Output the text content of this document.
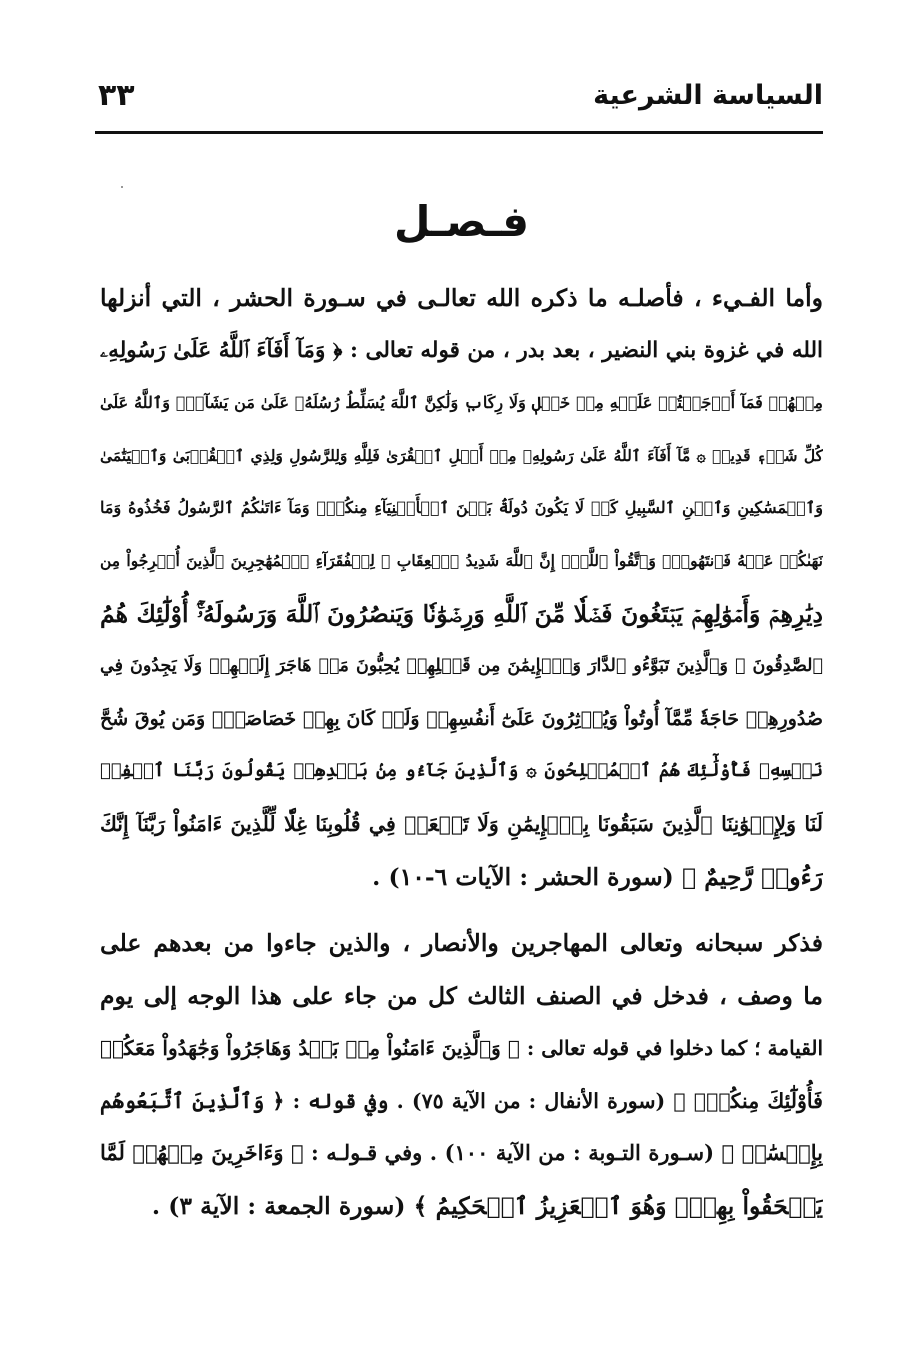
السياسة الشرعية
٣٣
فـصـل
وأما الفـيء ، فأصلـه ما ذكره الله تعالـى في سـورة الحشر ، التي أنزلها
الله في غزوة بني النضير ، بعد بدر ، من قوله تعالى : ﴿ وَمَآ أَفَآءَ ٱللَّهُ عَلَىٰ رَسُولِهِۦ
مِنۡهُمۡ فَمَآ أَوۡجَفۡتُمۡ عَلَيۡهِ مِنۡ خَيۡلٖ وَلَا رِكَابٖ وَلَٰكِنَّ ٱللَّهَ يُسَلِّطُ رُسُلَهُۥ عَلَىٰ مَن يَشَآءُۚ وَٱللَّهُ عَلَىٰ
كُلِّ شَيۡءٖ قَدِيرٞ ۞ مَّآ أَفَآءَ ٱللَّهُ عَلَىٰ رَسُولِهِۦ مِنۡ أَهۡلِ ٱلۡقُرَىٰ فَلِلَّهِ وَلِلرَّسُولِ وَلِذِي ٱلۡقُرۡبَىٰ وَٱلۡيَتَٰمَىٰ
وَٱلۡمَسَٰكِينِ وَٱبۡنِ ٱلسَّبِيلِ كَيۡ لَا يَكُونَ دُولَةَۢ بَيۡنَ ٱلۡأَغۡنِيَآءِ مِنكُمۡۚ وَمَآ ءَاتَىٰكُمُ ٱلرَّسُولُ فَخُذُوهُ وَمَا
نَهَىٰكُمۡ عَنۡهُ فَٱنتَهُواْۚ وَٱتَّقُواْ ٱللَّهَۖ إِنَّ ٱللَّهَ شَدِيدُ ٱلۡعِقَابِ ۞ لِلۡفُقَرَآءِ ٱلۡمُهَٰجِرِينَ ٱلَّذِينَ أُخۡرِجُواْ مِن
دِيَٰرِهِمۡ وَأَمۡوَٰلِهِمۡ يَبۡتَغُونَ فَضۡلٗا مِّنَ ٱللَّهِ وَرِضۡوَٰنٗا وَيَنصُرُونَ ٱللَّهَ وَرَسُولَهُۥٓۚ أُوْلَٰٓئِكَ هُمُ
ٱلصَّٰدِقُونَ ۞ وَٱلَّذِينَ تَبَوَّءُو ٱلدَّارَ وَٱلۡإِيمَٰنَ مِن قَبۡلِهِمۡ يُحِبُّونَ مَنۡ هَاجَرَ إِلَيۡهِمۡ وَلَا يَجِدُونَ فِي
صُدُورِهِمۡ حَاجَةٗ مِّمَّآ أُوتُواْ وَيُؤۡثِرُونَ عَلَىٰٓ أَنفُسِهِمۡ وَلَوۡ كَانَ بِهِمۡ خَصَاصَةٞۚ وَمَن يُوقَ شُحَّ
نَفۡسِهِۦ فَأُوْلَٰٓئِكَ هُمُ ٱلۡمُفۡلِحُونَ ۞ وَٱلَّذِينَ جَآءُو مِنۢ بَعۡدِهِمۡ يَقُولُونَ رَبَّنَا ٱغۡفِرۡ
لَنَا وَلِإِخۡوَٰنِنَا ٱلَّذِينَ سَبَقُونَا بِٱلۡإِيمَٰنِ وَلَا تَجۡعَلۡ فِي قُلُوبِنَا غِلّٗا لِّلَّذِينَ ءَامَنُواْ رَبَّنَآ إِنَّكَ
رَءُوفٞ رَّحِيمٌ ﴾ (سورة الحشر : الآيات ٦-١٠) .
فذكر سبحانه وتعالى المهاجرين والأنصار ، والذين جاءوا من بعدهم على
ما وصف ، فدخل في الصنف الثالث كل من جاء على هذا الوجه إلى يوم
القيامة ؛ كما دخلوا في قوله تعالى : ﴿ وَٱلَّذِينَ ءَامَنُواْ مِنۢ بَعۡدُ وَهَاجَرُواْ وَجَٰهَدُواْ مَعَكُمۡ
فَأُوْلَٰٓئِكَ مِنكُمۡۚ ﴾ (سورة الأنفال : من الآية ٧٥) . وفي قوله : ﴿ وَٱلَّذِينَ ٱتَّبَعُوهُم
بِإِحۡسَٰنٖ ﴾ (سـورة التـوبة : من الآية ١٠٠) . وفي قـولـه : ﴿ وَءَاخَرِينَ مِنۡهُمۡ لَمَّا
يَلۡحَقُواْ بِهِمۡۚ وَهُوَ ٱلۡعَزِيزُ ٱلۡحَكِيمُ ﴾ (سورة الجمعة : الآية ٣) .
